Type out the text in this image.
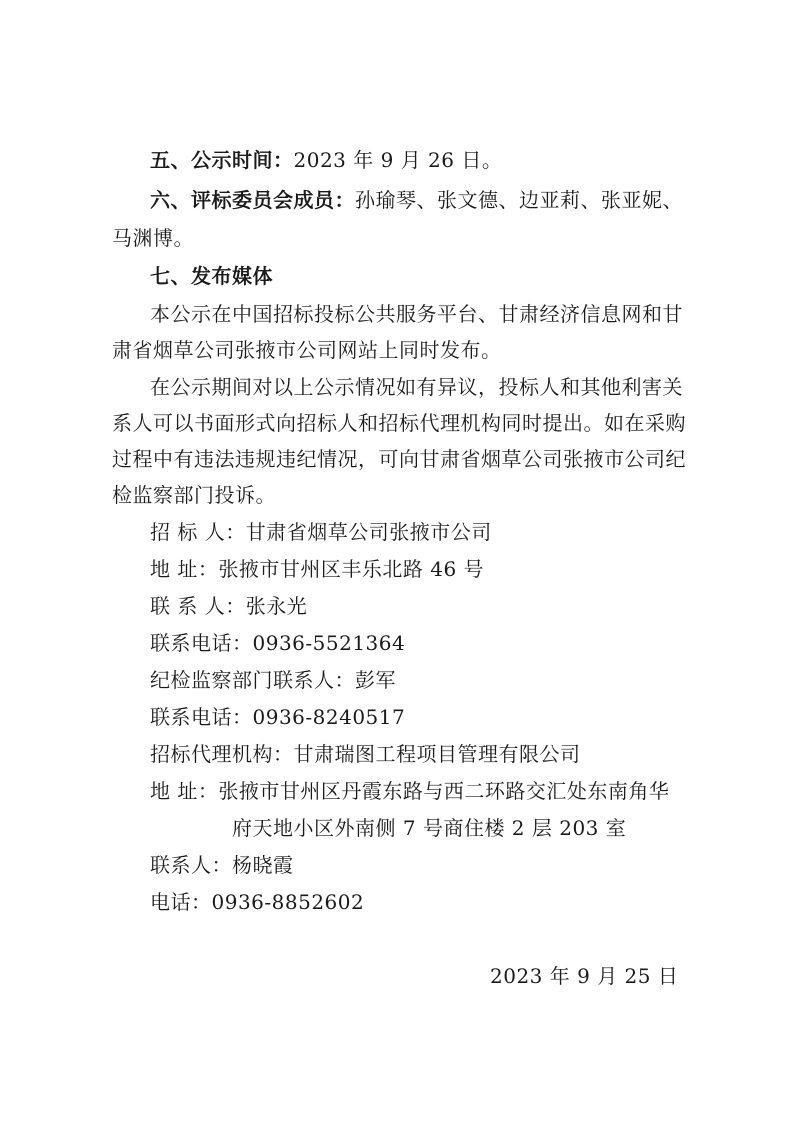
五、公示时间：2023 年 9 月 26 日。
六、评标委员会成员：孙瑜琴、张文德、边亚莉、张亚妮、
马渊博。
七、发布媒体
本公示在中国招标投标公共服务平台、甘肃经济信息网和甘
肃省烟草公司张掖市公司网站上同时发布。
在公示期间对以上公示情况如有异议，投标人和其他利害关
系人可以书面形式向招标人和招标代理机构同时提出。如在采购
过程中有违法违规违纪情况，可向甘肃省烟草公司张掖市公司纪
检监察部门投诉。
招 标 人：甘肃省烟草公司张掖市公司
地 址：张掖市甘州区丰乐北路 46 号
联 系 人：张永光
联系电话：0936-5521364
纪检监察部门联系人：彭军
联系电话：0936-8240517
招标代理机构：甘肃瑞图工程项目管理有限公司
地 址：张掖市甘州区丹霞东路与西二环路交汇处东南角华
府天地小区外南侧 7 号商住楼 2 层 203 室
联系人：杨晓霞
电话：0936-8852602
2023 年 9 月 25 日
